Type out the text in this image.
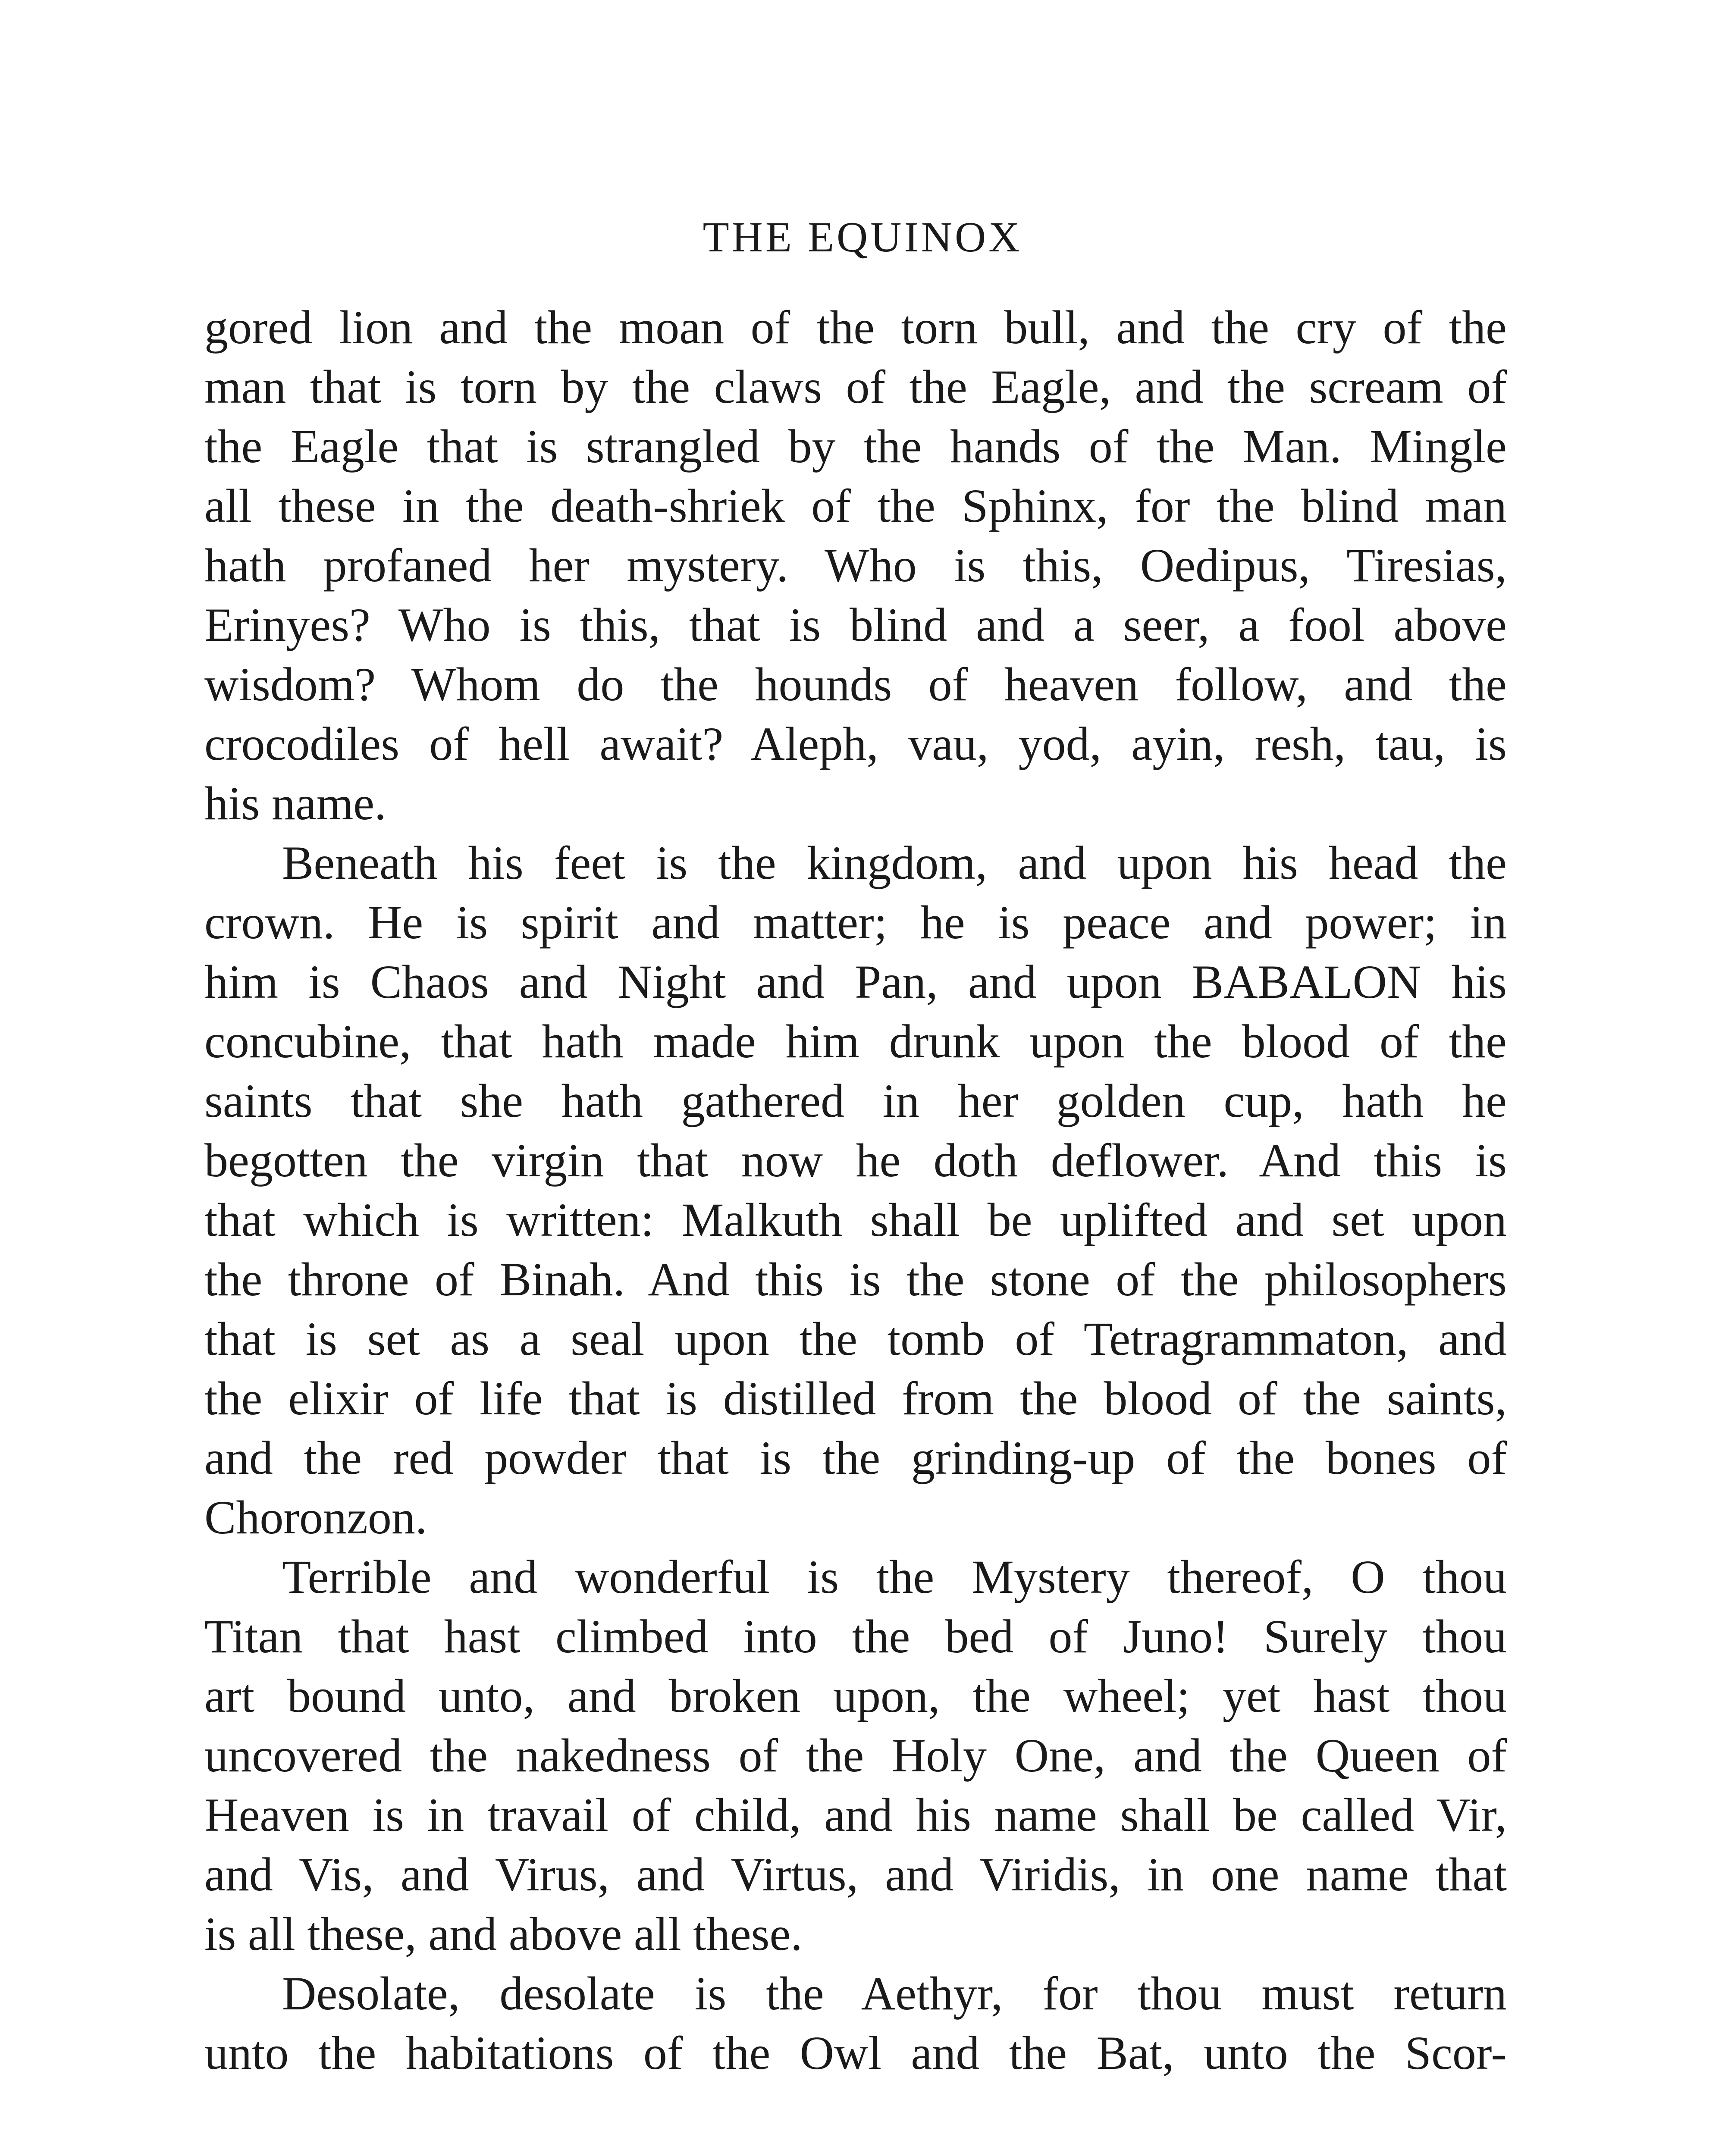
THE EQUINOX
gored lion and the moan of the torn bull, and the cry of the
man that is torn by the claws of the Eagle, and the scream of
the Eagle that is strangled by the hands of the Man. Mingle
all these in the death-shriek of the Sphinx, for the blind man
hath profaned her mystery. Who is this, Oedipus, Tiresias,
Erinyes? Who is this, that is blind and a seer, a fool above
wisdom? Whom do the hounds of heaven follow, and the
crocodiles of hell await? Aleph, vau, yod, ayin, resh, tau, is
his name.
Beneath his feet is the kingdom, and upon his head the
crown. He is spirit and matter; he is peace and power; in
him is Chaos and Night and Pan, and upon BABALON his
concubine, that hath made him drunk upon the blood of the
saints that she hath gathered in her golden cup, hath he
begotten the virgin that now he doth deflower. And this is
that which is written: Malkuth shall be uplifted and set upon
the throne of Binah. And this is the stone of the philosophers
that is set as a seal upon the tomb of Tetragrammaton, and
the elixir of life that is distilled from the blood of the saints,
and the red powder that is the grinding-up of the bones of
Choronzon.
Terrible and wonderful is the Mystery thereof, O thou
Titan that hast climbed into the bed of Juno! Surely thou
art bound unto, and broken upon, the wheel; yet hast thou
uncovered the nakedness of the Holy One, and the Queen of
Heaven is in travail of child, and his name shall be called Vir,
and Vis, and Virus, and Virtus, and Viridis, in one name that
is all these, and above all these.
Desolate, desolate is the Aethyr, for thou must return
unto the habitations of the Owl and the Bat, unto the Scor-
